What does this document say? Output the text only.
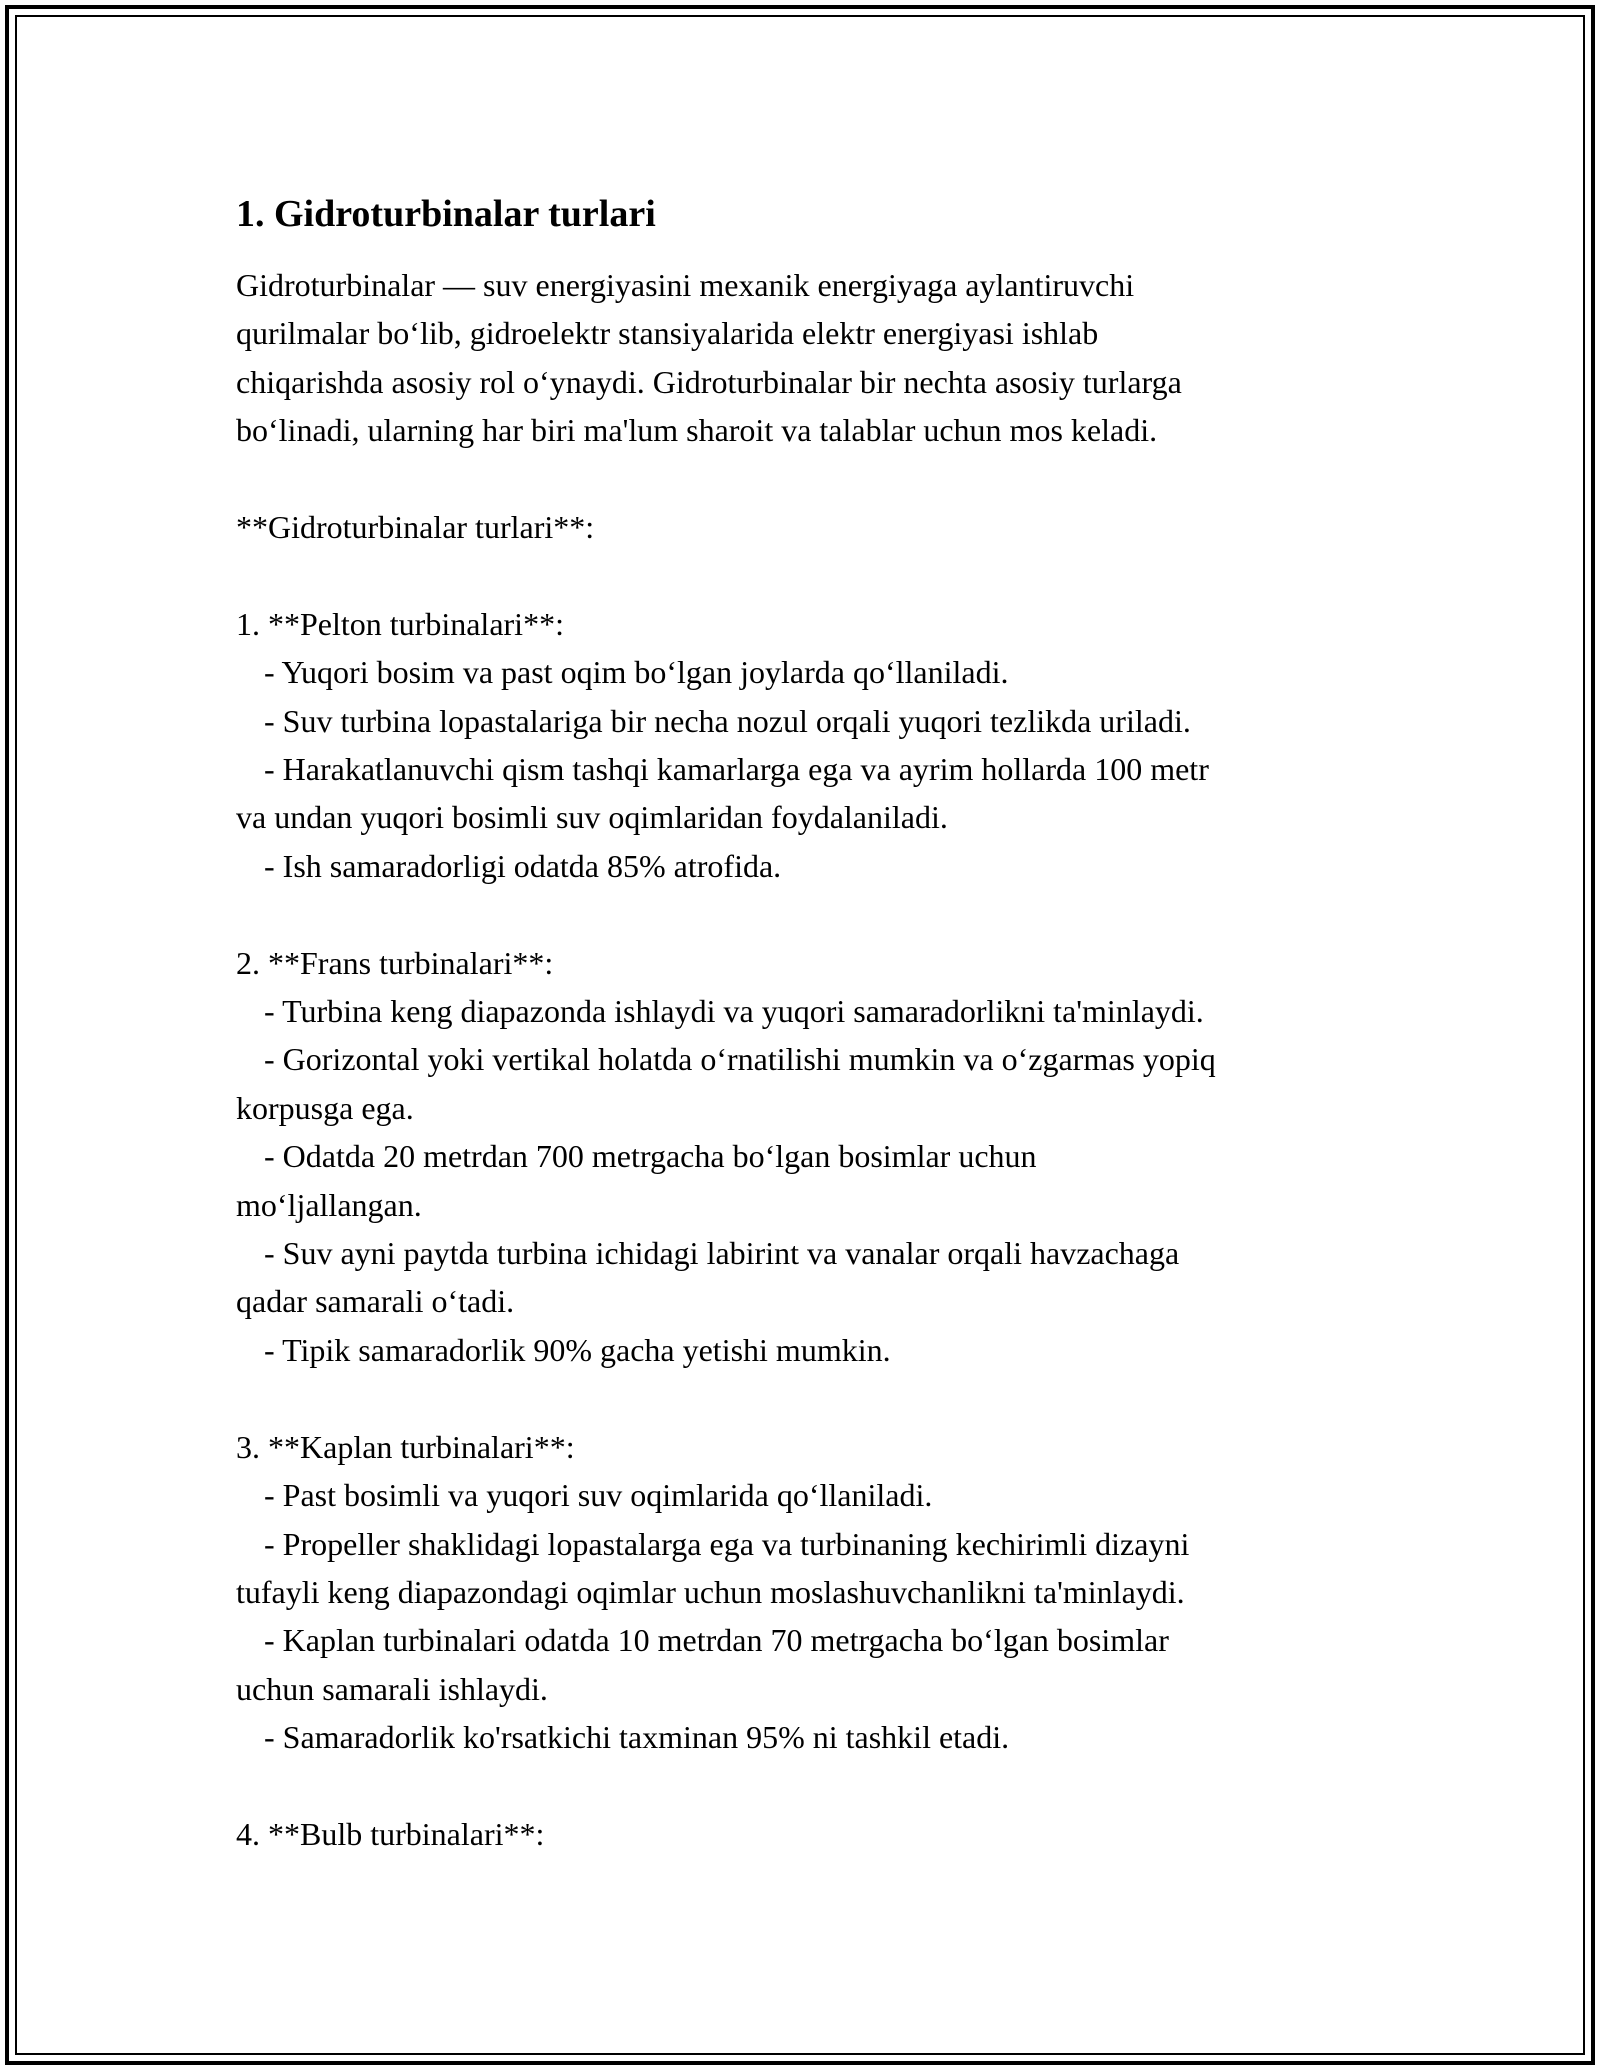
1. Gidroturbinalar turlari
Gidroturbinalar — suv energiyasini mexanik energiyaga aylantiruvchi
qurilmalar bo‘lib, gidroelektr stansiyalarida elektr energiyasi ishlab
chiqarishda asosiy rol o‘ynaydi. Gidroturbinalar bir nechta asosiy turlarga
bo‘linadi, ularning har biri ma'lum sharoit va talablar uchun mos keladi.
**Gidroturbinalar turlari**:
1. **Pelton turbinalari**:
- Yuqori bosim va past oqim bo‘lgan joylarda qo‘llaniladi.
- Suv turbina lopastalariga bir necha nozul orqali yuqori tezlikda uriladi.
- Harakatlanuvchi qism tashqi kamarlarga ega va ayrim hollarda 100 metr
va undan yuqori bosimli suv oqimlaridan foydalaniladi.
- Ish samaradorligi odatda 85% atrofida.
2. **Frans turbinalari**:
- Turbina keng diapazonda ishlaydi va yuqori samaradorlikni ta'minlaydi.
- Gorizontal yoki vertikal holatda o‘rnatilishi mumkin va o‘zgarmas yopiq
korpusga ega.
- Odatda 20 metrdan 700 metrgacha bo‘lgan bosimlar uchun
mo‘ljallangan.
- Suv ayni paytda turbina ichidagi labirint va vanalar orqali havzachaga
qadar samarali o‘tadi.
- Tipik samaradorlik 90% gacha yetishi mumkin.
3. **Kaplan turbinalari**:
- Past bosimli va yuqori suv oqimlarida qo‘llaniladi.
- Propeller shaklidagi lopastalarga ega va turbinaning kechirimli dizayni
tufayli keng diapazondagi oqimlar uchun moslashuvchanlikni ta'minlaydi.
- Kaplan turbinalari odatda 10 metrdan 70 metrgacha bo‘lgan bosimlar
uchun samarali ishlaydi.
- Samaradorlik ko'rsatkichi taxminan 95% ni tashkil etadi.
4. **Bulb turbinalari**:
